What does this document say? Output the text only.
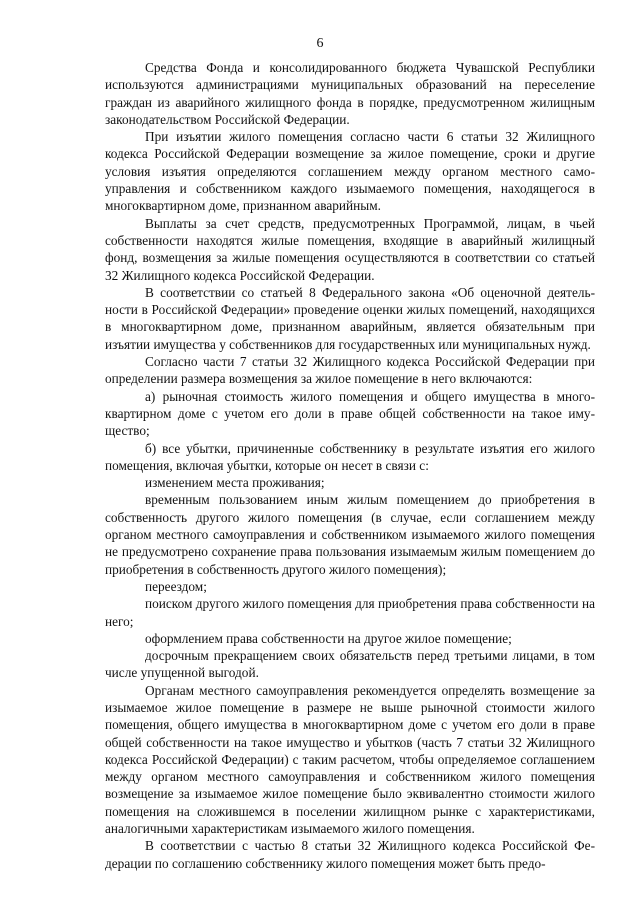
6

Средства Фонда и консолидированного бюджета Чувашской Республики используются администрациями муниципальных образований на переселение граждан из аварийного жилищного фонда в порядке, предусмотренном жилищным законодательством Российской Федерации.

При изъятии жилого помещения согласно части 6 статьи 32 Жилищного кодекса Российской Федерации возмещение за жилое помещение, сроки и другие условия изъятия определяются соглашением между органом местного самоуправления и собственником каждого изымаемого помещения, находящегося в многоквартирном доме, признанном аварийным.

Выплаты за счет средств, предусмотренных Программой, лицам, в чьей собственности находятся жилые помещения, входящие в аварийный жилищный фонд, возмещения за жилые помещения осуществляются в соответствии со статьей 32 Жилищного кодекса Российской Федерации.

В соответствии со статьей 8 Федерального закона «Об оценочной деятельности в Российской Федерации» проведение оценки жилых помещений, находящихся в многоквартирном доме, признанном аварийным, является обязательным при изъятии имущества у собственников для государственных или муниципальных нужд.

Согласно части 7 статьи 32 Жилищного кодекса Российской Федерации при определении размера возмещения за жилое помещение в него включаются:

а) рыночная стоимость жилого помещения и общего имущества в многоквартирном доме с учетом его доли в праве общей собственности на такое имущество;

б) все убытки, причиненные собственнику в результате изъятия его жилого помещения, включая убытки, которые он несет в связи с:

изменением места проживания;

временным пользованием иным жилым помещением до приобретения в собственность другого жилого помещения (в случае, если соглашением между органом местного самоуправления и собственником изымаемого жилого помещения не предусмотрено сохранение права пользования изымаемым жилым помещением до приобретения в собственность другого жилого помещения);

переездом;

поиском другого жилого помещения для приобретения права собственности на него;

оформлением права собственности на другое жилое помещение;

досрочным прекращением своих обязательств перед третьими лицами, в том числе упущенной выгодой.

Органам местного самоуправления рекомендуется определять возмещение за изымаемое жилое помещение в размере не выше рыночной стоимости жилого помещения, общего имущества в многоквартирном доме с учетом его доли в праве общей собственности на такое имущество и убытков (часть 7 статьи 32 Жилищного кодекса Российской Федерации) с таким расчетом, чтобы определяемое соглашением между органом местного самоуправления и собственником жилого помещения возмещение за изымаемое жилое помещение было эквивалентно стоимости жилого помещения на сложившемся в поселении жилищном рынке с характеристиками, аналогичными характеристикам изымаемого жилого помещения.

В соответствии с частью 8 статьи 32 Жилищного кодекса Российской Федерации по соглашению собственнику жилого помещения может быть предо-
